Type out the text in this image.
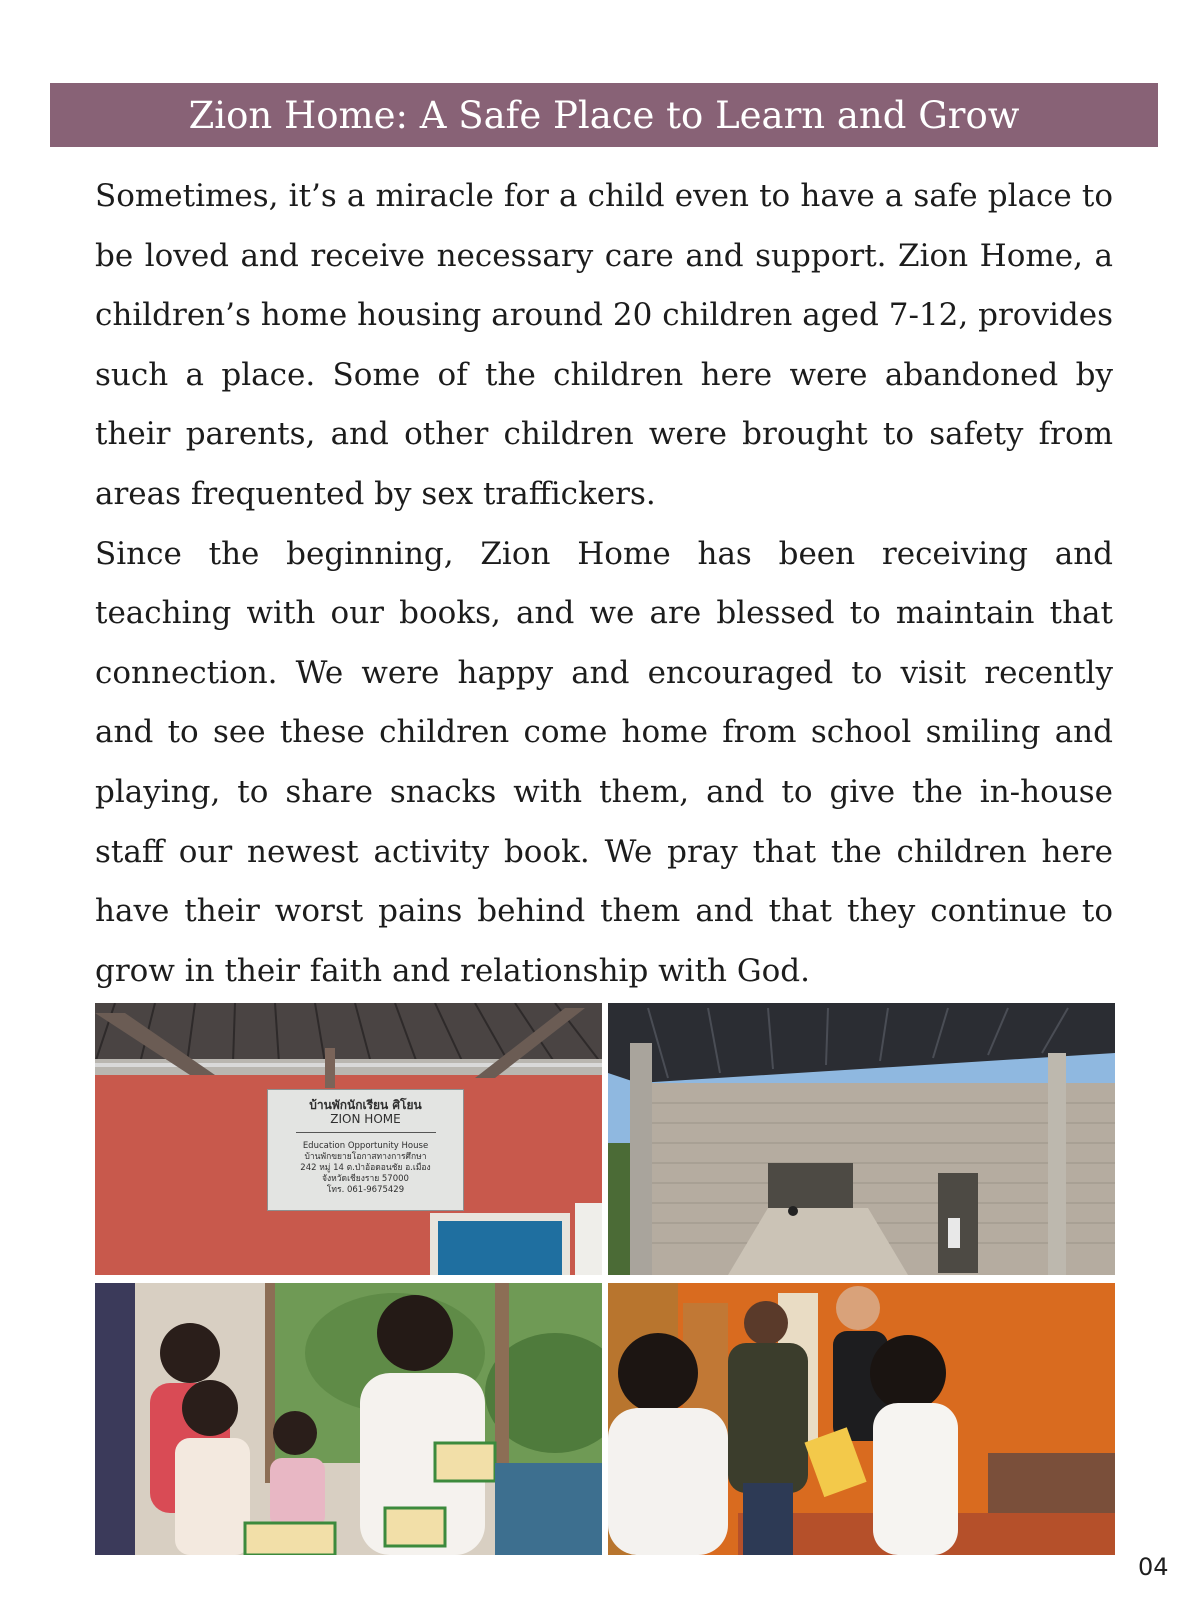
Zion Home: A Safe Place to Learn and Grow

Sometimes, it’s a miracle for a child even to have a safe place to be loved and receive necessary care and support. Zion Home, a children’s home housing around 20 children aged 7-12, provides such a place. Some of the children here were abandoned by their parents, and other children were brought to safety from areas frequented by sex traffickers.

Since the beginning, Zion Home has been receiving and teaching with our books, and we are blessed to maintain that connection. We were happy and encouraged to visit recently and to see these children come home from school smiling and playing, to share snacks with them, and to give the in-house staff our newest activity book. We pray that the children here have their worst pains behind them and that they continue to grow in their faith and relationship with God.

บ้านพักนักเรียน ศิโยน
ZION HOME
Education Opportunity House
บ้านพักขยายโอกาสทางการศึกษา
242 หมู่ 14 ต.ป่าอ้อดอนชัย อ.เมือง
จังหวัดเชียงราย 57000
โทร. 061-9675429
04
